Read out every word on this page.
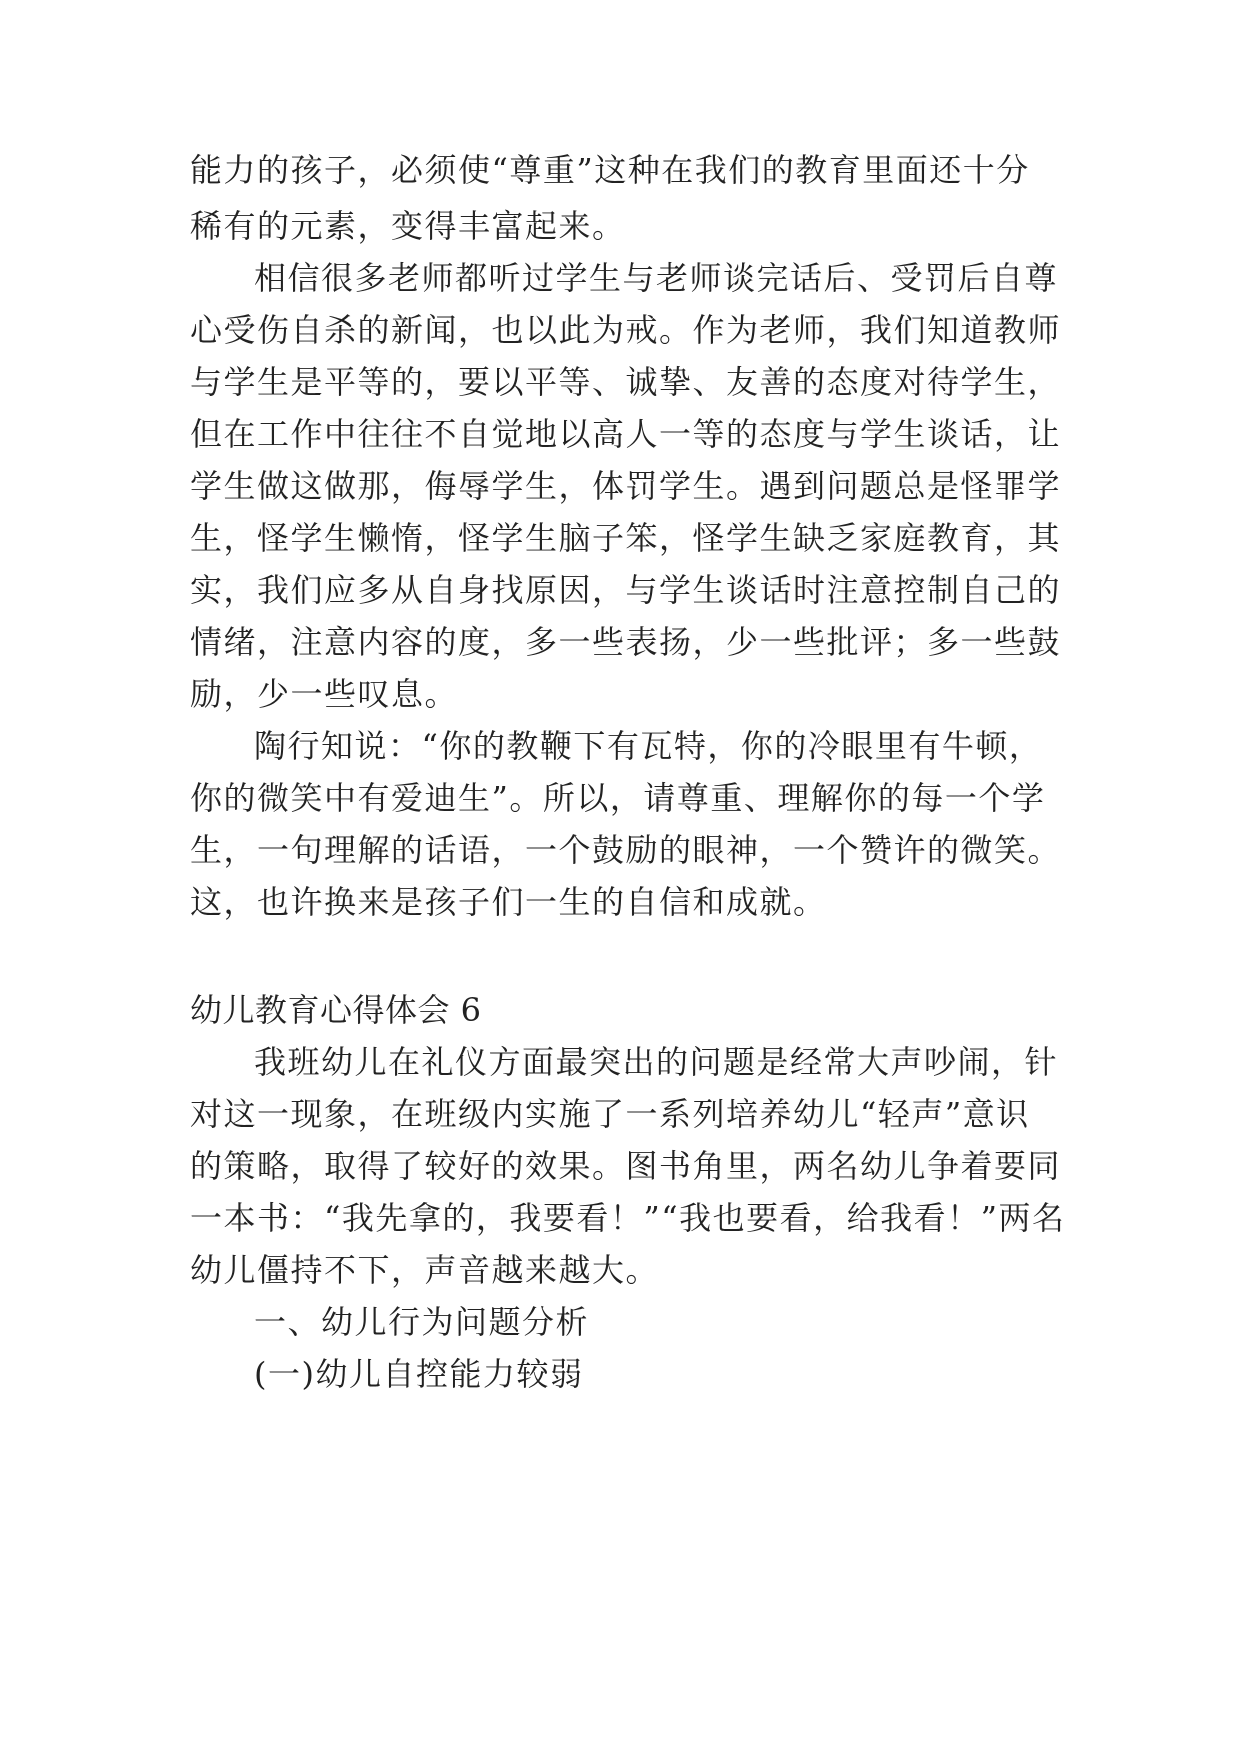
能力的孩子，必须使“尊重”这种在我们的教育里面还十分
稀有的元素，变得丰富起来。
相信很多老师都听过学生与老师谈完话后、受罚后自尊
心受伤自杀的新闻，也以此为戒。作为老师，我们知道教师
与学生是平等的，要以平等、诚挚、友善的态度对待学生，
但在工作中往往不自觉地以高人一等的态度与学生谈话，让
学生做这做那，侮辱学生，体罚学生。遇到问题总是怪罪学
生，怪学生懒惰，怪学生脑子笨，怪学生缺乏家庭教育，其
实，我们应多从自身找原因，与学生谈话时注意控制自己的
情绪，注意内容的度，多一些表扬，少一些批评；多一些鼓
励，少一些叹息。
陶行知说：“你的教鞭下有瓦特，你的冷眼里有牛顿，
你的微笑中有爱迪生”。所以，请尊重、理解你的每一个学
生，一句理解的话语，一个鼓励的眼神，一个赞许的微笑。
这，也许换来是孩子们一生的自信和成就。
幼儿教育心得体会 6
我班幼儿在礼仪方面最突出的问题是经常大声吵闹，针
对这一现象，在班级内实施了一系列培养幼儿“轻声”意识
的策略，取得了较好的效果。图书角里，两名幼儿争着要同
一本书：“我先拿的，我要看！”“我也要看，给我看！”两名
幼儿僵持不下，声音越来越大。
一、幼儿行为问题分析
(一)幼儿自控能力较弱
